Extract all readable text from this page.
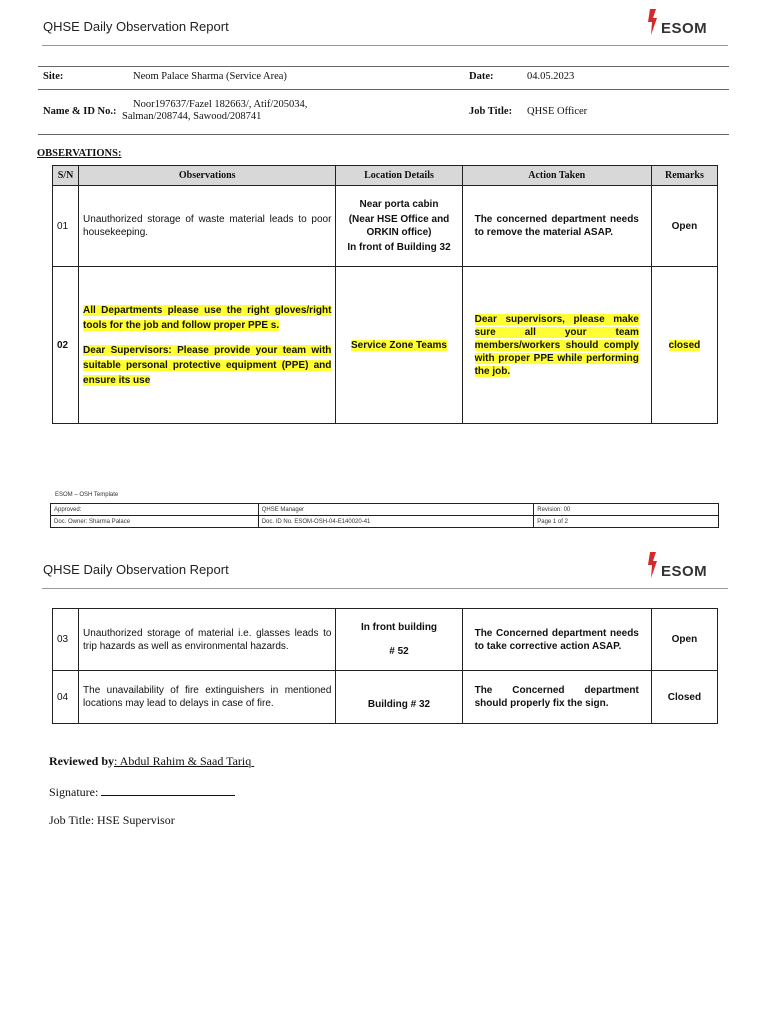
QHSE Daily Observation Report	ESOM
Site:	Neom Palace Sharma (Service Area)	Date:	04.05.2023
Name & ID No.:
Noor197637/Fazel 182663/, Atif/205034,
Salman/208744, Sawood/208741	Job Title: QHSE Officer
OBSERVATIONS:
S/N	Observations	Location Details	Action Taken	Remarks
01	Unauthorized storage of waste material leads to poor housekeeping.	Near porta cabin
(Near HSE Office and ORKIN office)
In front of Building 32	The concerned department needs to remove the material ASAP.	Open
02	All Departments please use the right gloves/right tools for the job and follow proper PPE s.
Dear Supervisors: Please provide your team with suitable personal protective equipment (PPE) and ensure its use	Service Zone Teams	Dear supervisors, please make sure all your team members/workers should comply with proper PPE while performing the job.	closed
ESOM – OSH Template
Approved:	QHSE Manager	Revision: 00
Doc. Owner: Sharma Palace	Doc. ID No. ESOM-OSH-04-E140020-41	Page 1 of 2
QHSE Daily Observation Report	ESOM
03	Unauthorized storage of material i.e. glasses leads to trip hazards as well as environmental hazards.	In front building
# 52	The Concerned department needs to take corrective action ASAP.	Open
04	The unavailability of fire extinguishers in mentioned locations may lead to delays in case of fire.	Building # 32	The Concerned department should properly fix the sign.	Closed
Reviewed by: Abdul Rahim & Saad Tariq
Signature:
Job Title: HSE Supervisor
